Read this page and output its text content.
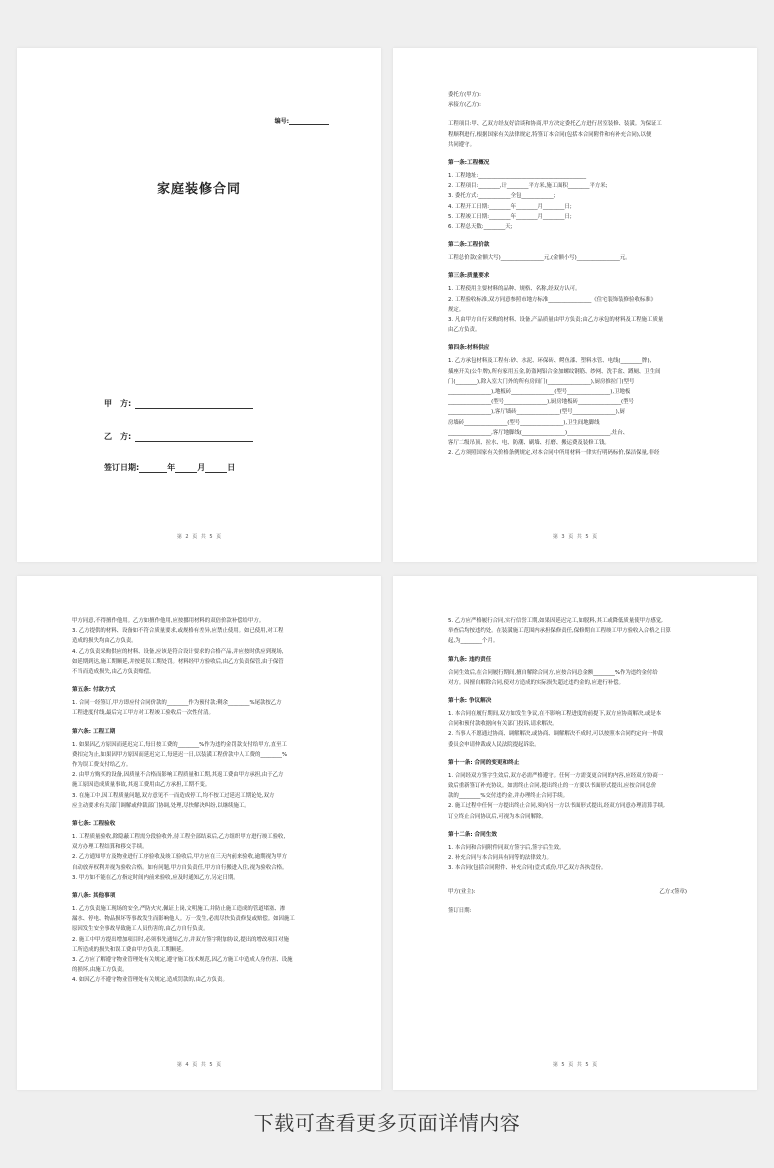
编号:
家庭装修合同
甲　方:
乙　方:
签订日期:	年	月	日
第 2 页 共 5 页

委托方(甲方):

承接方(乙方):

工程项目:甲、乙双方经友好洽谈和协商,甲方决定委托乙方进行居室装修、装潢。为保证工

程顺利进行,根据国家有关法律规定,特签订本合同(包括本合同附件和有补充合同),以便

共同遵守。

第一条:工程概况

1. 工程地址:________________________________________

2. 工程项目:________,计________平方米,施工面积________平方米;

3. 委托方式:____________全包____________;

4. 工程开工日期:________年________月________日;

5. 工程竣工日期:________年________月________日;

6. 工程总天数:________天;

第二条:工程价款

工程总价款(金额大写)________________元,(金额小写)________________元。

第三条:质量要求

1. 工程使用主要材料的品种、规格、名称,经双方认可。

2. 工程验收标准,双方同意参照市地方标准________________《住宅装饰装修验收标准》

规定。

3. 凡由甲方自行采购的材料、设备,产品质量由甲方负责;由乙方承包的材料及工程施工质量

由乙方负责。

第四条:材料供应

1. 乙方承包材料及工程有:砂、水泥、环保砖、鳄鱼漆、塑料水管、电线(________牌),

插座开关(公牛牌),所有家用五金,防盗网铝合金加螺纹钢筋、纱网、洗手盆、蹲厕、卫生间

门(________),除入室大门外的所有房间门(________________),厨房推拉门(型号

________________),地板砖________________(型号________________),卫地板

________________(型号________________),厨房地板砖________________(型号

________________),客厅墙砖________________(型号________________),厨

房墙砖________________(型号________________),卫生间地脚线

________________,客厅地脚线(________________)________________,灶台、

客厅二级吊顶、拉水、电、防潮、刷墙、打磨、搬运费及装修工钱。

2. 乙方须照国家有关价格条例规定,对本合同中所用材料一律实行明码标价,保洁保量,非经

第 3 页 共 5 页

甲方同意,不得擅作他用。乙方如擅作他用,应按挪用材料的双倍价款补偿给甲方。

3. 乙方提供的材料、设备如不符合质量要求,或规格有差异,应禁止使用。如已使用,对工程

造成的损失均由乙方负责。

4. 乙方负责采购供应的材料、设备,应该是符合设计要求的合格产品,并应按时供应到现场,

如延期到达,施工期顺延,并按延误工期处罚。材料经甲方验收后,由乙方负责保管,由于保管

不当而造成损失,由乙方负责赔偿。

第五条: 付款方式

1. 合同一经签订,甲方即应付合同价款的________作为预付款;剩余________%尾款按乙方

工程进度付线,最后完工甲方对工程竣工验收后一次性付清。

第六条: 工程工期

1. 如果因乙方原因而延迟完工,每日按工费的________%作为违约金罚款支付给甲方,直至工

费扣完为止,如果因甲方原因而延迟完工,每延迟一日,以装潢工程价款中人工费的________%

作为误工费支付给乙方。

2. 由甲方购买的设备,因质量不合格而影响工程质量和工期,其返工费由甲方承担,由于乙方

施工原因造成质量事故,其返工费用由乙方承担,工期不变。

3. 在施工中,因工程质量问题,双方意见不一而造成停工,均不按工过延迟工期论处,双方

应主动要求有关部门调解或仲裁部门协调,处理,尽快解决纠纷,以继续施工。

第七条: 工程验收

1. 工程质量验收,除隐蔽工程需分段验收外,待工程全部结束后,乙方组织甲方进行竣工验收,

双方办理工程结算和移交手续。

2. 乙方通知甲方及物业进行工序验收及竣工验收后,甲方应在三天内前来验收,逾期视为甲方

自动放弃权利并视为验收合格。如有问题,甲方自负责任,甲方自行搬进入住,视为验收合格。

3. 甲方如不能在乙方指定时间内前来验收,应及时通知乙方,另定日期。

第八条: 其他事项

1. 乙方负责施工现场的安全,严防火灾,佩证上岗,文明施工,并防止施工造成的管道堵塞、渗

漏水、停电、物品损坏等事故发生而影响他人。万一发生,必需尽快负责修复或赔偿。如因施工

原因发生安全事故导致施工人员伤害的,由乙方自行负责。

2. 施工中甲方提出增加项目时,必须事先通知乙方,并双方签字附加协议,提出的增改项目对施

工所造成的损失和误工费由甲方负责,工期顺延。

3. 乙方应了解遵守物业管理处有关规定,遵守施工技术规范,因乙方施工中造成人身伤害、设施

的损坏,由施工方负责。

4. 如因乙方不遵守物业管理处有关规定,造成罚款的,由乙方负责。

第 4 页 共 5 页

5. 乙方应严格履行合同,实行信誉工期,如果因延迟完工,如脱料,其工或降低质量使甲方感觉,

举查后均按违约处。在装潢施工范围内承担保修责任,保修期自工程竣工甲方验收入合格之日算

起,为________个月。

第九条: 违约责任

合同生效后,在合同履行期间,擅自解除合同方,应按合同总金额________%作为违约金付给

对方。因擅自解除合同,使对方造成的实际损失超过违约金的,应进行补偿。

第十条: 争议解决

1. 本合同在履行期间,双方如发生争议,在不影响工程进度的前提下,双方应协商解决,或是本

合同和预付款收据向有关部门投诉,请求解决。

2. 当事人不愿通过协商、调解解决,或协商、调解解决不成时,可以按照本合同约定向一仲裁

委员会申请仲裁或人民法院提起诉讼。

第十一条: 合同的变更和终止

1. 合同经双方签字生效后,双方必需严格遵守。任何一方需变更合同的内容,应经双方协商一

致后重新签订补充协议。如需终止合同,提出终止的一方要以书面形式提出,应按合同总价

款的________%交付违约金,并办理终止合同手续。

2. 施工过程中任何一方提出终止合同,须向另一方以书面形式提出,经双方同意办理清算手续,

订立终止合同协议后,可视为本合同解除。

第十二条: 合同生效

1. 本合同和合同附件同双方签字后,签字后生效。

2. 补充合同与本合同具有同等的法律效力。

3. 本合同(包括合同附件、补充合同)壹式贰份,甲乙双方各执壹份。

甲方(业主):	乙方:(签章)

签订日期:

第 5 页 共 5 页
下载可查看更多页面详情内容
